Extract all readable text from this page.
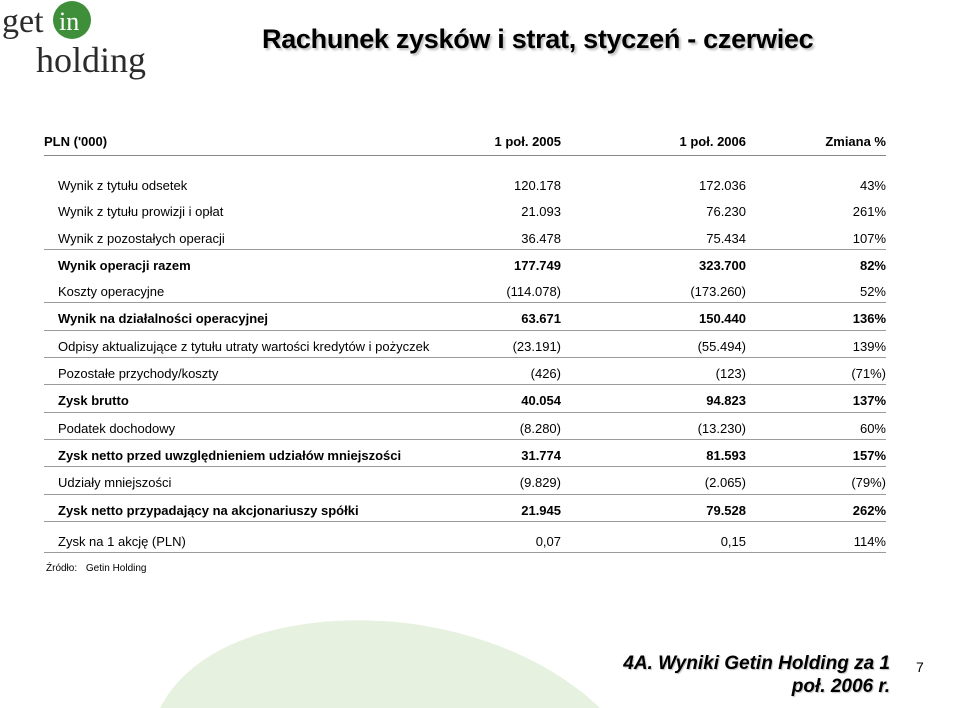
get in
holding
Rachunek zysków i strat, styczeń - czerwiec
PLN ('000)	1 poł. 2005	1 poł. 2006	Zmiana %
Wynik z tytułu odsetek	120.178	172.036	43%
Wynik z tytułu prowizji i opłat	21.093	76.230	261%
Wynik z pozostałych operacji	36.478	75.434	107%
Wynik operacji razem	177.749	323.700	82%
Koszty operacyjne	(114.078)	(173.260)	52%
Wynik na działalności operacyjnej	63.671	150.440	136%
Odpisy aktualizujące z tytułu utraty wartości kredytów i pożyczek	(23.191)	(55.494)	139%
Pozostałe przychody/koszty	(426)	(123)	(71%)
Zysk brutto	40.054	94.823	137%
Podatek dochodowy	(8.280)	(13.230)	60%
Zysk netto przed uwzględnieniem udziałów mniejszości	31.774	81.593	157%
Udziały mniejszości	(9.829)	(2.065)	(79%)
Zysk netto przypadający na akcjonariuszy spółki	21.945	79.528	262%
Zysk na 1 akcję (PLN)	0,07	0,15	114%
Źródło: Getin Holding
4A. Wyniki Getin Holding za 1
poł. 2006 r.
7
